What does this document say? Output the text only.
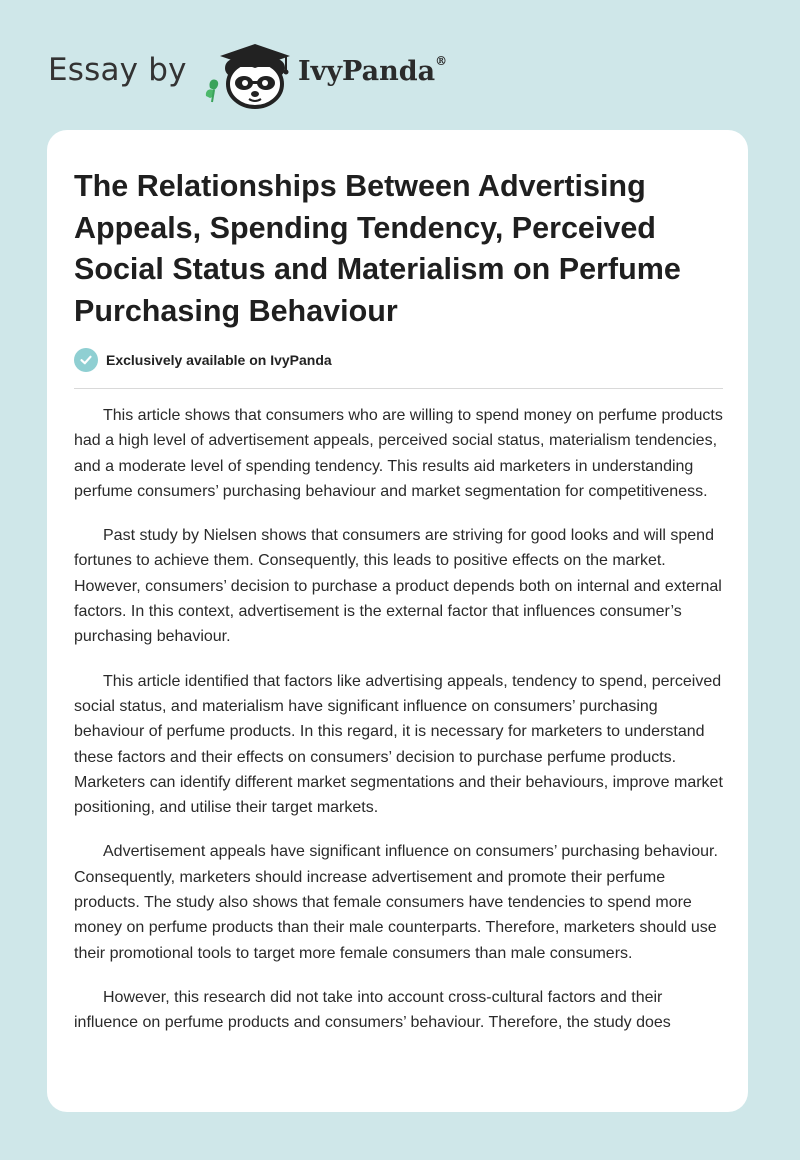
Essay by	IvyPanda®
The Relationships Between Advertising Appeals, Spending Tendency, Perceived Social Status and Materialism on Perfume Purchasing Behaviour
Exclusively available on IvyPanda

This article shows that consumers who are willing to spend money on perfume products had a high level of advertisement appeals, perceived social status, materialism tendencies, and a moderate level of spending tendency. This results aid marketers in understanding perfume consumers’ purchasing behaviour and market segmentation for competitiveness.

Past study by Nielsen shows that consumers are striving for good looks and will spend fortunes to achieve them. Consequently, this leads to positive effects on the market. However, consumers’ decision to purchase a product depends both on internal and external factors. In this context, advertisement is the external factor that influences consumer’s purchasing behaviour.

This article identified that factors like advertising appeals, tendency to spend, perceived social status, and materialism have significant influence on consumers’ purchasing behaviour of perfume products. In this regard, it is necessary for marketers to understand these factors and their effects on consumers’ decision to purchase perfume products. Marketers can identify different market segmentations and their behaviours, improve market positioning, and utilise their target markets.

Advertisement appeals have significant influence on consumers’ purchasing behaviour. Consequently, marketers should increase advertisement and promote their perfume products. The study also shows that female consumers have tendencies to spend more money on perfume products than their male counterparts. Therefore, marketers should use their promotional tools to target more female consumers than male consumers.

However, this research did not take into account cross-cultural factors and their influence on perfume products and consumers’ behaviour. Therefore, the study does
